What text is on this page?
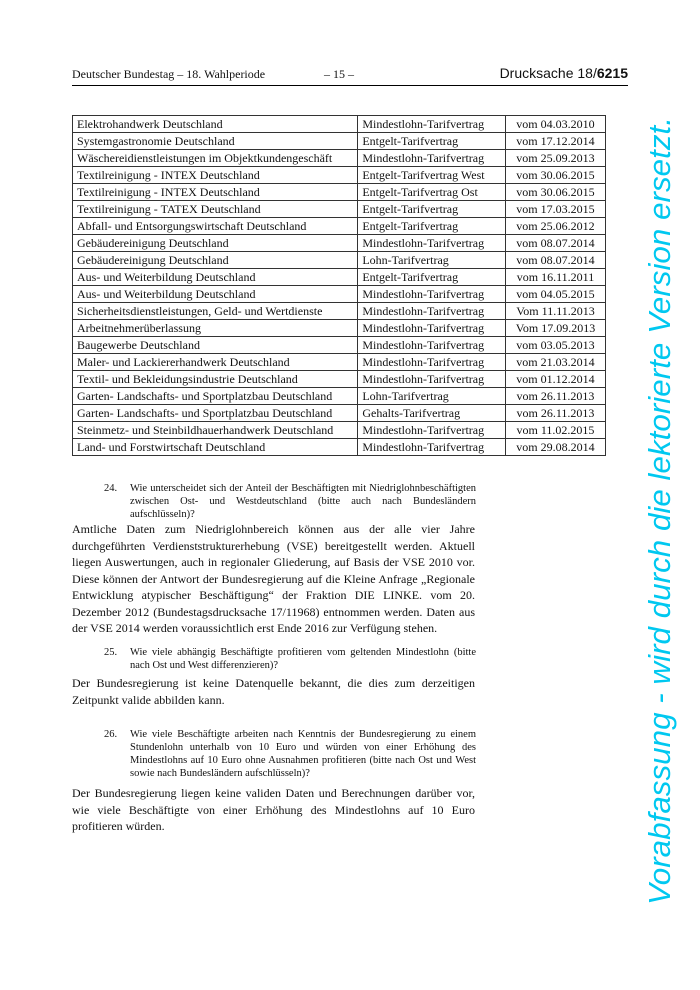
Deutscher Bundestag – 18. Wahlperiode	– 15 –	Drucksache 18/6215
Elektrohandwerk Deutschland	Mindestlohn-Tarifvertrag	vom 04.03.2010
Systemgastronomie Deutschland	Entgelt-Tarifvertrag	vom 17.12.2014
Wäschereidienstleistungen im Objektkundengeschäft	Mindestlohn-Tarifvertrag	vom 25.09.2013
Textilreinigung - INTEX Deutschland	Entgelt-Tarifvertrag West	vom 30.06.2015
Textilreinigung - INTEX Deutschland	Entgelt-Tarifvertrag Ost	vom 30.06.2015
Textilreinigung - TATEX Deutschland	Entgelt-Tarifvertrag	vom 17.03.2015
Abfall- und Entsorgungswirtschaft Deutschland	Entgelt-Tarifvertrag	vom 25.06.2012
Gebäudereinigung Deutschland	Mindestlohn-Tarifvertrag	vom 08.07.2014
Gebäudereinigung Deutschland	Lohn-Tarifvertrag	vom 08.07.2014
Aus- und Weiterbildung Deutschland	Entgelt-Tarifvertrag	vom 16.11.2011
Aus- und Weiterbildung Deutschland	Mindestlohn-Tarifvertrag	vom 04.05.2015
Sicherheitsdienstleistungen, Geld- und Wertdienste	Mindestlohn-Tarifvertrag	Vom 11.11.2013
Arbeitnehmerüberlassung	Mindestlohn-Tarifvertrag	Vom 17.09.2013
Baugewerbe Deutschland	Mindestlohn-Tarifvertrag	vom 03.05.2013
Maler- und Lackiererhandwerk Deutschland	Mindestlohn-Tarifvertrag	vom 21.03.2014
Textil- und Bekleidungsindustrie Deutschland	Mindestlohn-Tarifvertrag	vom 01.12.2014
Garten- Landschafts- und Sportplatzbau Deutschland	Lohn-Tarifvertrag	vom 26.11.2013
Garten- Landschafts- und Sportplatzbau Deutschland	Gehalts-Tarifvertrag	vom 26.11.2013
Steinmetz- und Steinbildhauerhandwerk Deutschland	Mindestlohn-Tarifvertrag	vom 11.02.2015
Land- und Forstwirtschaft Deutschland	Mindestlohn-Tarifvertrag	vom 29.08.2014
24. Wie unterscheidet sich der Anteil der Beschäftigten mit Niedriglohnbeschäftigten zwischen Ost- und Westdeutschland (bitte auch nach Bundesländern aufschlüsseln)?
Amtliche Daten zum Niedriglohnbereich können aus der alle vier Jahre durchgeführten Verdienststrukturerhebung (VSE) bereitgestellt werden. Aktuell liegen Auswertungen, auch in regionaler Gliederung, auf Basis der VSE 2010 vor. Diese können der Antwort der Bundesregierung auf die Kleine Anfrage „Regionale Entwicklung atypischer Beschäftigung“ der Fraktion DIE LINKE. vom 20. Dezember 2012 (Bundestagsdrucksache 17/11968) entnommen werden. Daten aus der VSE 2014 werden voraussichtlich erst Ende 2016 zur Verfügung stehen.
25. Wie viele abhängig Beschäftigte profitieren vom geltenden Mindestlohn (bitte nach Ost und West differenzieren)?
Der Bundesregierung ist keine Datenquelle bekannt, die dies zum derzeitigen Zeitpunkt valide abbilden kann.
26. Wie viele Beschäftigte arbeiten nach Kenntnis der Bundesregierung zu einem Stundenlohn unterhalb von 10 Euro und würden von einer Erhöhung des Mindestlohns auf 10 Euro ohne Ausnahmen profitieren (bitte nach Ost und West sowie nach Bundesländern aufschlüsseln)?
Der Bundesregierung liegen keine validen Daten und Berechnungen darüber vor, wie viele Beschäftigte von einer Erhöhung des Mindestlohns auf 10 Euro profitieren würden.	Vorabfassung - wird durch die lektorierte Version ersetzt.
